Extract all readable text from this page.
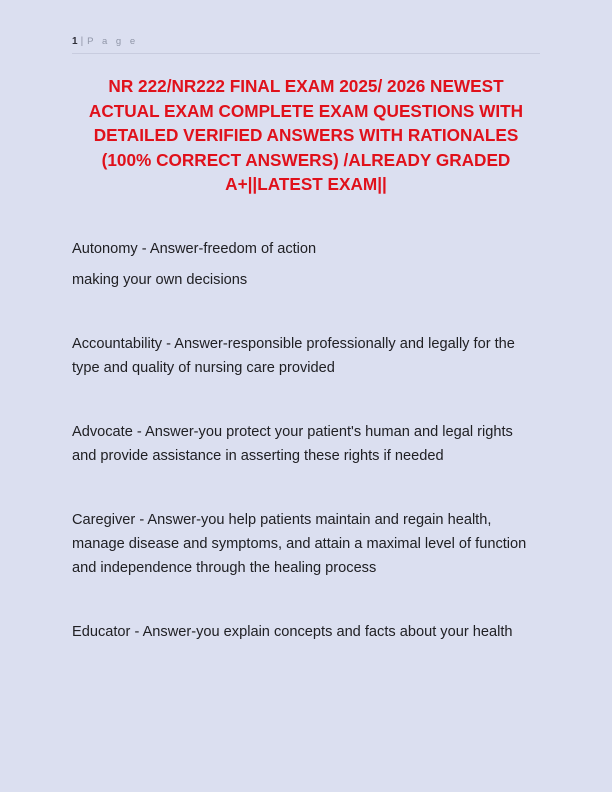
1 | P a g e
NR 222/NR222 FINAL EXAM 2025/ 2026 NEWEST ACTUAL EXAM COMPLETE EXAM QUESTIONS WITH DETAILED VERIFIED ANSWERS WITH RATIONALES (100% CORRECT ANSWERS) /ALREADY GRADED A+||LATEST EXAM||

Autonomy - Answer-freedom of action

making your own decisions

Accountability - Answer-responsible professionally and legally for the type and quality of nursing care provided

Advocate - Answer-you protect your patient's human and legal rights and provide assistance in asserting these rights if needed

Caregiver - Answer-you help patients maintain and regain health, manage disease and symptoms, and attain a maximal level of function and independence through the healing process

Educator - Answer-you explain concepts and facts about your health
